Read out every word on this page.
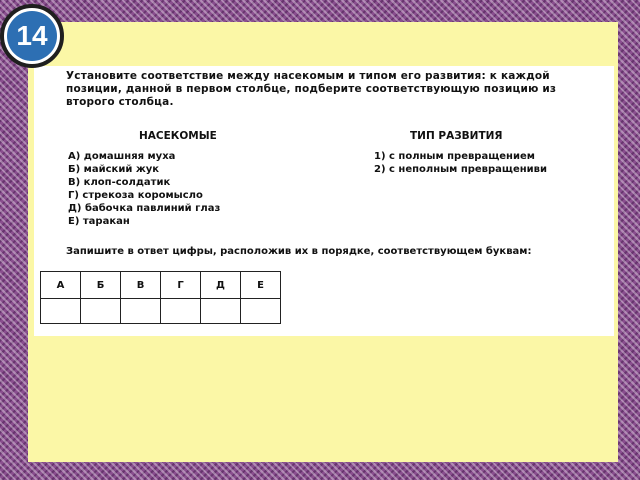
14
Установите соответствие между насекомым и типом его развития: к каждой позиции, данной в первом столбце, подберите соответствующую позицию из второго столбца.
НАСЕКОМЫЕ	ТИП РАЗВИТИЯ
А) домашняя муха
Б) майский жук
В) клоп-солдатик
Г) стрекоза коромысло
Д) бабочка павлиний глаз
Е) таракан
1) с полным превращением
2) с неполным превращениви
Запишите в ответ цифры, расположив их в порядке, соответствующем буквам:
А	Б	В	Г	Д	Е
